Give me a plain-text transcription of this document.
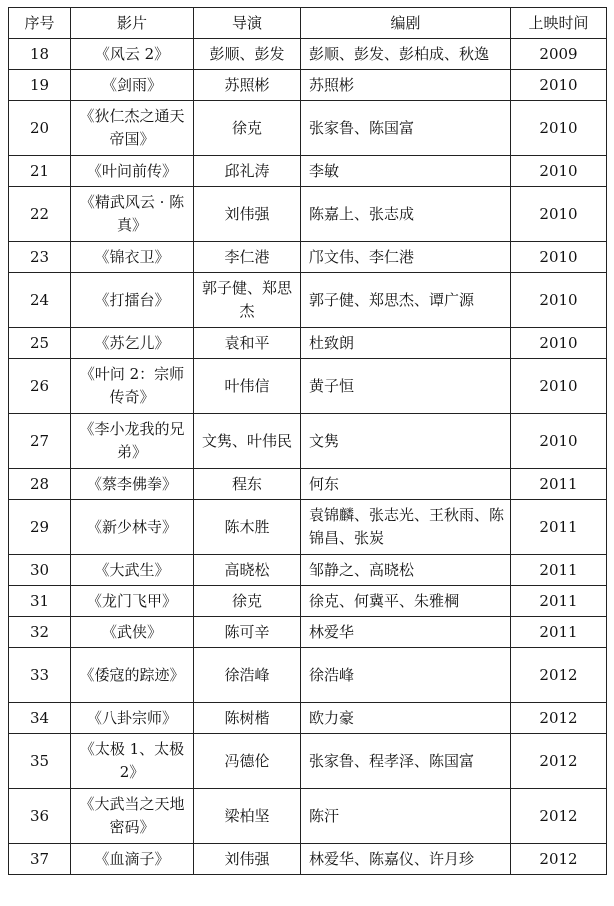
序号	影片	导演	编剧	上映时间
18	《风云 2》	彭顺、彭发	彭顺、彭发、彭柏成、秋逸	2009
19	《剑雨》	苏照彬	苏照彬	2010
20	《狄仁杰之通天帝国》	徐克	张家鲁、陈国富	2010
21	《叶问前传》	邱礼涛	李敏	2010
22	《精武风云 · 陈真》	刘伟强	陈嘉上、张志成	2010
23	《锦衣卫》	李仁港	邝文伟、李仁港	2010
24	《打擂台》	郭子健、郑思杰	郭子健、郑思杰、谭广源	2010
25	《苏乞儿》	袁和平	杜致朗	2010
26	《叶问 2：宗师传奇》	叶伟信	黄子恒	2010
27	《李小龙我的兄弟》	文隽、叶伟民	文隽	2010
28	《蔡李佛拳》	程东	何东	2011
29	《新少林寺》	陈木胜	袁锦麟、张志光、王秋雨、陈锦昌、张炭	2011
30	《大武生》	高晓松	邹静之、高晓松	2011
31	《龙门飞甲》	徐克	徐克、何冀平、朱雅棡	2011
32	《武侠》	陈可辛	林爱华	2011
33	《倭寇的踪迹》	徐浩峰	徐浩峰	2012
34	《八卦宗师》	陈树楷	欧力豪	2012
35	《太极 1、太极 2》	冯德伦	张家鲁、程孝泽、陈国富	2012
36	《大武当之天地密码》	梁柏坚	陈汗	2012
37	《血滴子》	刘伟强	林爱华、陈嘉仪、许月珍	2012
